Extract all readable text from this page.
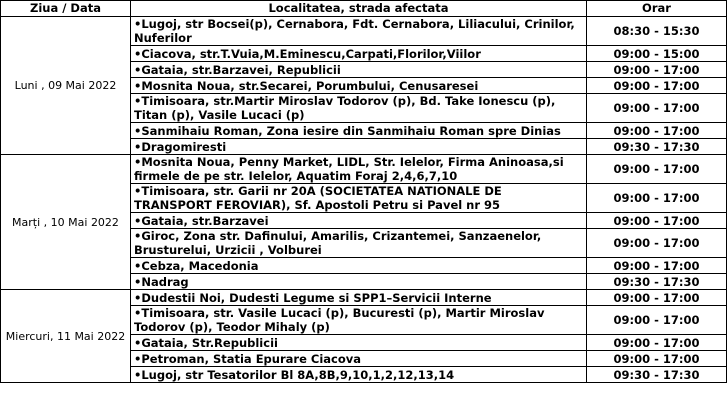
Ziua / Data	Localitatea, strada afectata	Orar
Luni , 09 Mai 2022	•Lugoj, str Bocsei(p), Cernabora, Fdt. Cernabora, Liliacului, Crinilor, Nuferilor	08:30 - 15:30
	•Ciacova, str.T.Vuia,M.Eminescu,Carpati,Florilor,Viilor	09:00 - 15:00
	•Gataia, str.Barzavei, Republicii	09:00 - 17:00
	•Mosnita Noua, str.Secarei, Porumbului, Cenusaresei	09:00 - 17:00
	•Timisoara, str.Martir Miroslav Todorov (p), Bd. Take Ionescu (p), Titan (p), Vasile Lucaci (p)	09:00 - 17:00
	•Sanmihaiu Roman, Zona iesire din Sanmihaiu Roman spre Dinias	09:00 - 17:00
	•Dragomiresti	09:30 - 17:30
Marți , 10 Mai 2022	•Mosnita Noua, Penny Market, LIDL, Str. Ielelor, Firma Aninoasa,si firmele de pe str. Ielelor, Aquatim Foraj 2,4,6,7,10	09:00 - 17:00
	•Timisoara, str. Garii nr 20A (SOCIETATEA NATIONALE DE TRANSPORT FEROVIAR), Sf. Apostoli Petru si Pavel nr 95	09:00 - 17:00
	•Gataia, str.Barzavei	09:00 - 17:00
	•Giroc, Zona str. Dafinului, Amarilis, Crizantemei, Sanzaenelor, Brusturelui, Urzicii , Volburei	09:00 - 17:00
	•Cebza, Macedonia	09:00 - 17:00
	•Nadrag	09:30 - 17:30
Miercuri, 11 Mai 2022	•Dudestii Noi, Dudesti Legume si SPP1–Servicii Interne	09:00 - 17:00
	•Timisoara, str. Vasile Lucaci (p), Bucuresti (p), Martir Miroslav Todorov (p), Teodor Mihaly (p)	09:00 - 17:00
	•Gataia, Str.Republicii	09:00 - 17:00
	•Petroman, Statia Epurare Ciacova	09:00 - 17:00
	•Lugoj, str Tesatorilor Bl 8A,8B,9,10,1,2,12,13,14	09:30 - 17:30
